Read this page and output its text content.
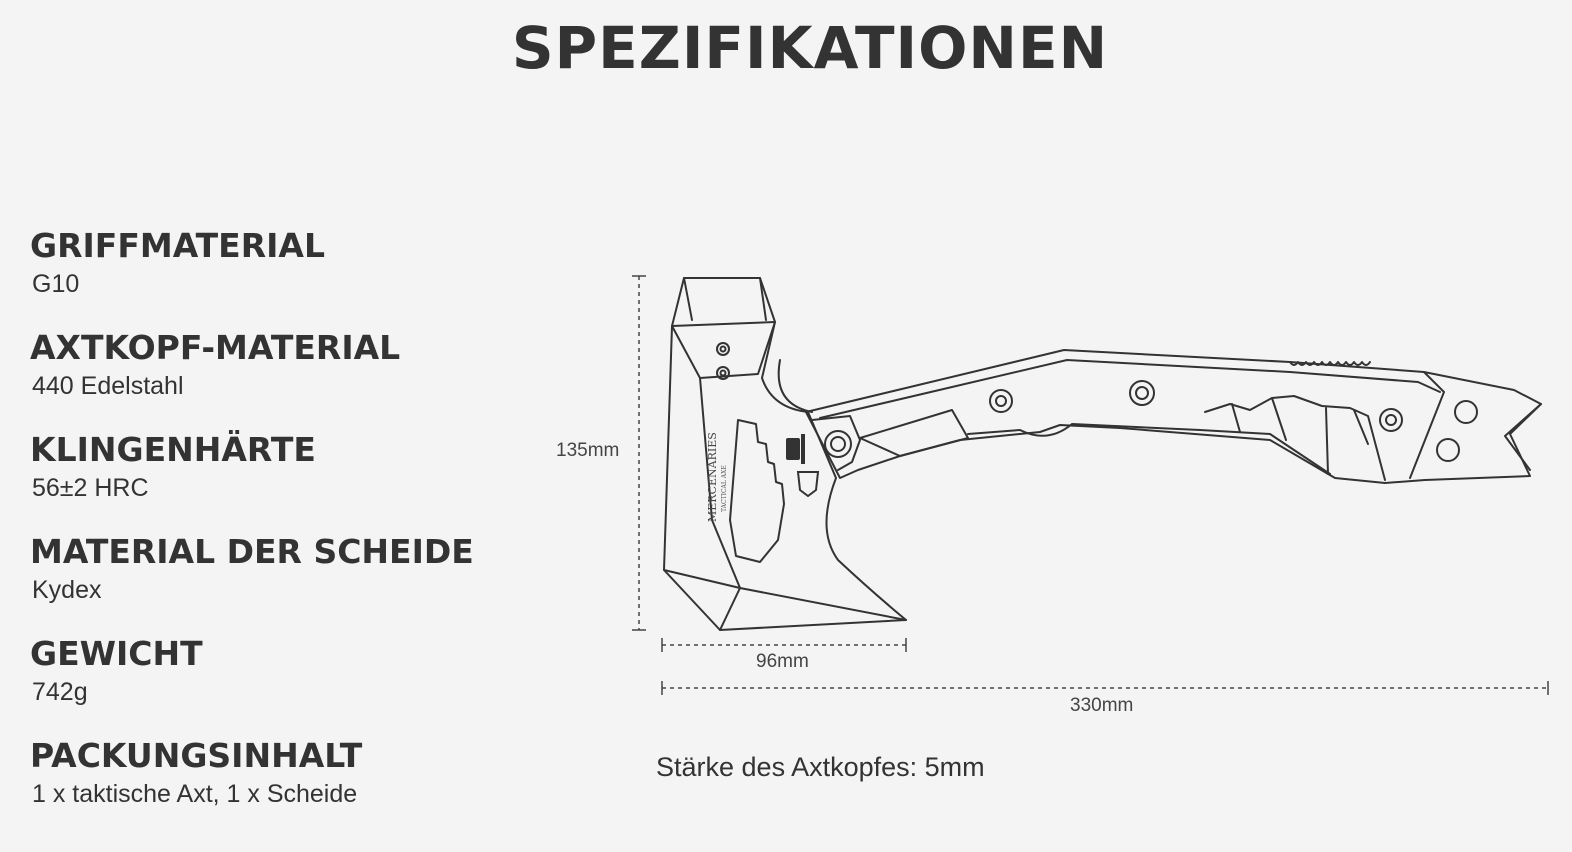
SPEZIFIKATIONEN
GRIFFMATERIAL
G10
AXTKOPF-MATERIAL
440 Edelstahl
KLINGENHÄRTE
56±2 HRC
MATERIAL DER SCHEIDE
Kydex
GEWICHT
742g
PACKUNGSINHALT
1 x taktische Axt, 1 x Scheide
MERCENARIES TACTICAL AXE
135mm
96mm
330mm
Stärke des Axtkopfes: 5mm
